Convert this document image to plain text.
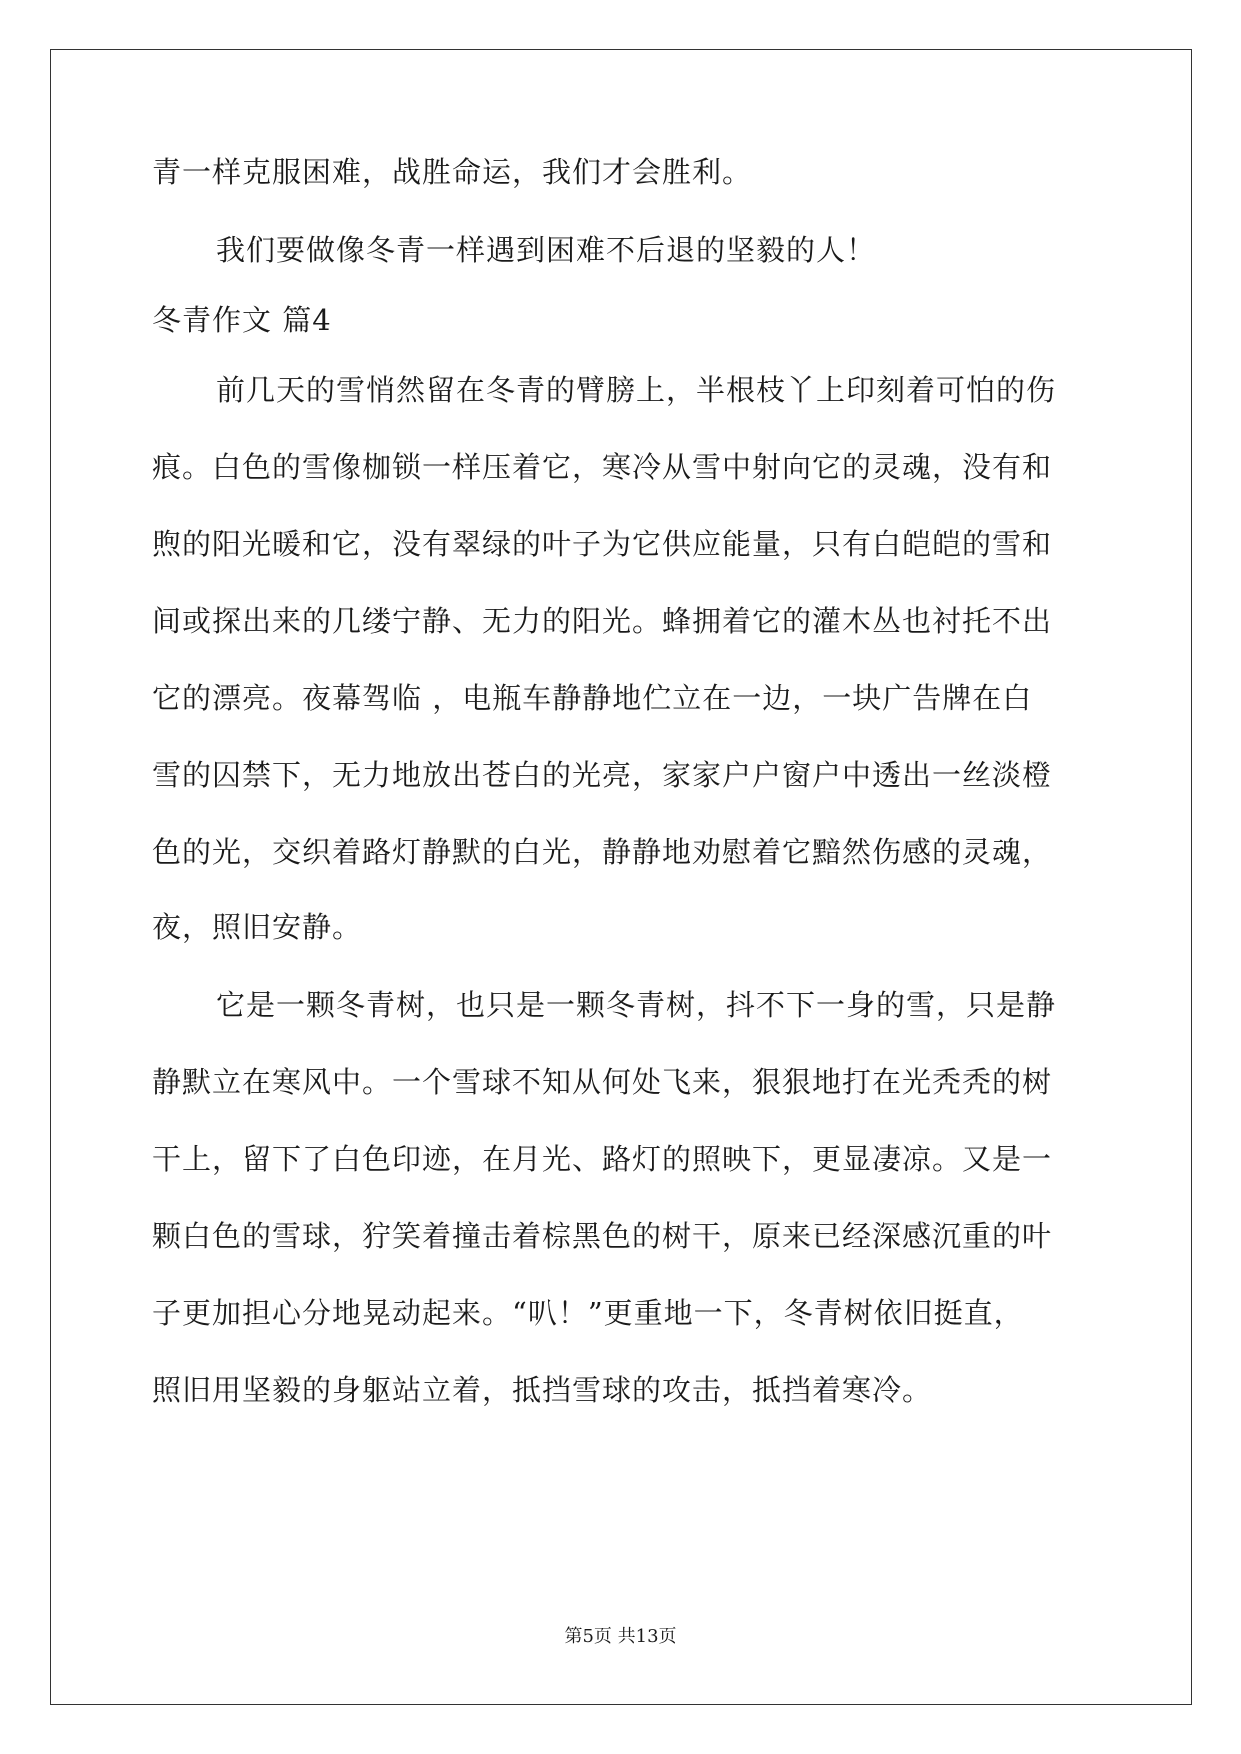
青一样克服困难，战胜命运，我们才会胜利。
我们要做像冬青一样遇到困难不后退的坚毅的人！
冬青作文 篇4
前几天的雪悄然留在冬青的臂膀上，半根枝丫上印刻着可怕的伤
痕。白色的雪像枷锁一样压着它，寒冷从雪中射向它的灵魂，没有和
煦的阳光暖和它，没有翠绿的叶子为它供应能量，只有白皑皑的雪和
间或探出来的几缕宁静、无力的阳光。蜂拥着它的灌木丛也衬托不出
它的漂亮。夜幕驾临 ，电瓶车静静地伫立在一边，一块广告牌在白
雪的囚禁下，无力地放出苍白的光亮，家家户户窗户中透出一丝淡橙
色的光，交织着路灯静默的白光，静静地劝慰着它黯然伤感的灵魂，
夜，照旧安静。
它是一颗冬青树，也只是一颗冬青树，抖不下一身的雪，只是静
静默立在寒风中。一个雪球不知从何处飞来，狠狠地打在光秃秃的树
干上，留下了白色印迹，在月光、路灯的照映下，更显凄凉。又是一
颗白色的雪球，狞笑着撞击着棕黑色的树干，原来已经深感沉重的叶
子更加担心分地晃动起来。“叭！”更重地一下，冬青树依旧挺直，
照旧用坚毅的身躯站立着，抵挡雪球的攻击，抵挡着寒冷。
第5页 共13页
